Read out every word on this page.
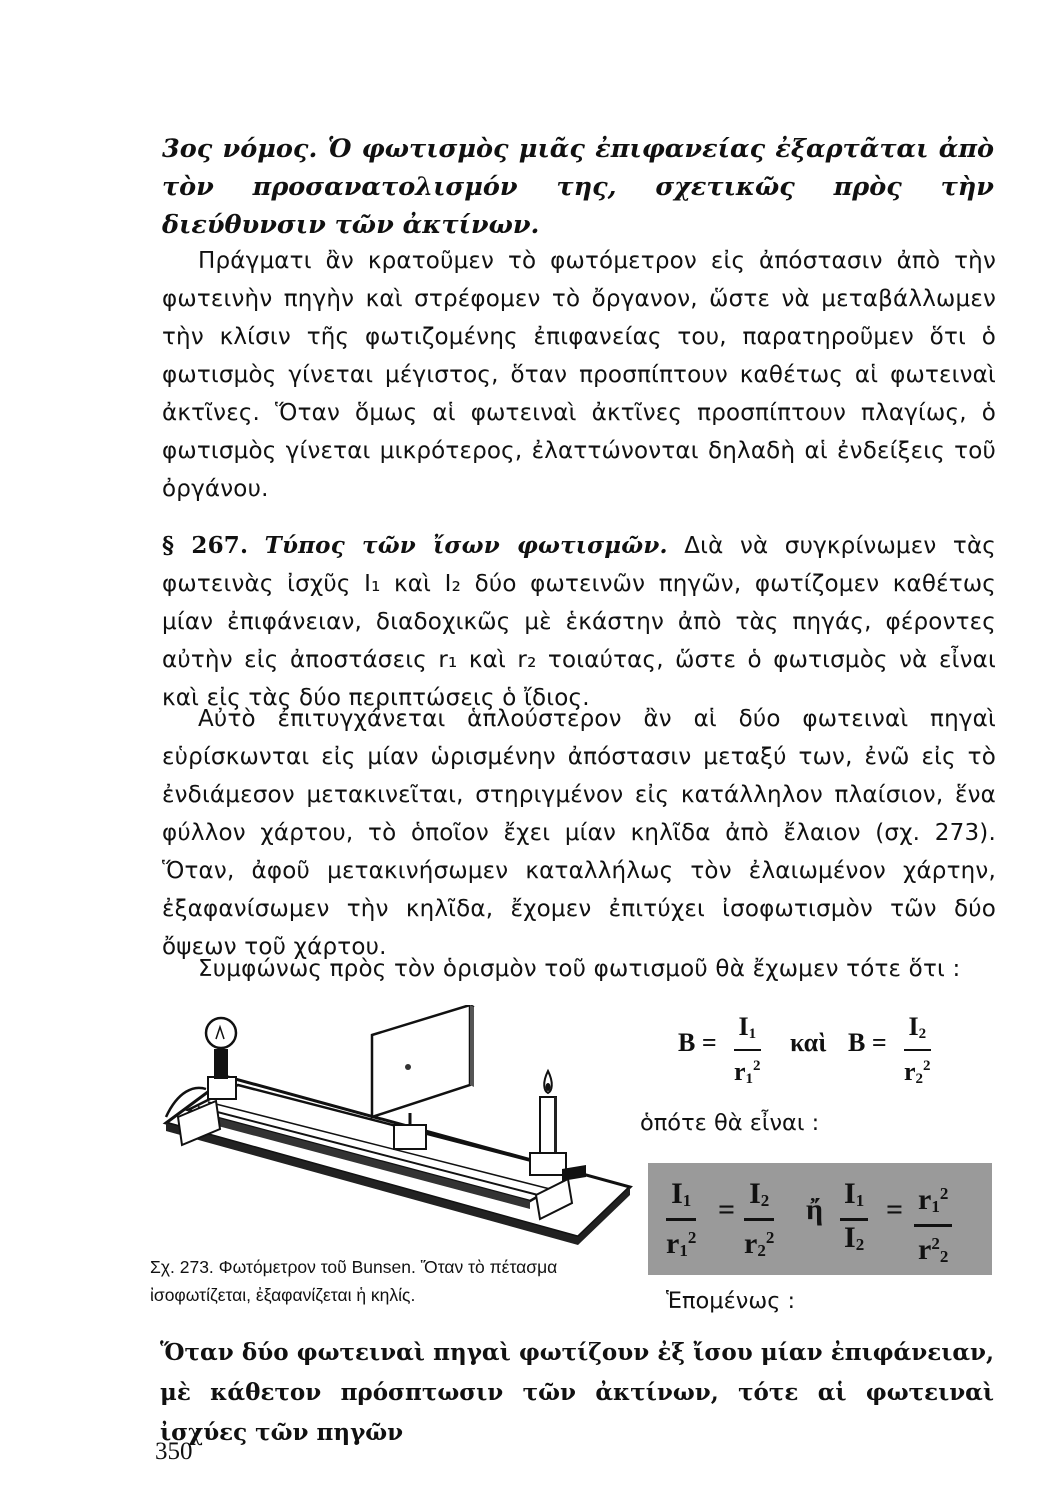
3ος νόμος. Ὁ φωτισμὸς μιᾶς ἐπιφανείας ἐξαρτᾶται ἀπὸ τὸν προσανατολισμόν της, σχετικῶς πρὸς τὴν διεύθυνσιν τῶν ἀκτίνων.

Πράγματι ἂν κρατοῦμεν τὸ φωτόμετρον εἰς ἀπόστασιν ἀπὸ τὴν φωτεινὴν πηγὴν καὶ στρέφομεν τὸ ὄργανον, ὥστε νὰ μεταβάλλωμεν τὴν κλίσιν τῆς φωτιζομένης ἐπιφανείας του, παρατηροῦμεν ὅτι ὁ φωτισμὸς γίνεται μέγιστος, ὅταν προσπίπτουν καθέτως αἱ φωτειναὶ ἀκτῖνες. Ὅταν ὅμως αἱ φωτειναὶ ἀκτῖνες προσπίπτουν πλαγίως, ὁ φωτισμὸς γίνεται μικρότερος, ἐλαττώνονται δηλαδὴ αἱ ἐνδείξεις τοῦ ὀργάνου.

§ 267. Τύπος τῶν ἴσων φωτισμῶν. Διὰ νὰ συγκρίνωμεν τὰς φωτεινὰς ἰσχῦς I₁ καὶ I₂ δύο φωτεινῶν πηγῶν, φωτίζομεν καθέτως μίαν ἐπιφάνειαν, διαδοχικῶς μὲ ἑκάστην ἀπὸ τὰς πηγάς, φέροντες αὐτὴν εἰς ἀποστάσεις r₁ καὶ r₂ τοιαύτας, ὥστε ὁ φωτισμὸς νὰ εἶναι καὶ εἰς τὰς δύο περιπτώσεις ὁ ἴδιος.

Αὐτὸ ἐπιτυγχάνεται ἁπλούστερον ἂν αἱ δύο φωτειναὶ πηγαὶ εὑρίσκωνται εἰς μίαν ὡρισμένην ἀπόστασιν μεταξύ των, ἐνῶ εἰς τὸ ἐνδιάμεσον μετακινεῖται, στηριγμένον εἰς κατάλληλον πλαίσιον, ἕνα φύλλον χάρτου, τὸ ὁποῖον ἔχει μίαν κηλῖδα ἀπὸ ἔλαιον (σχ. 273). Ὅταν, ἀφοῦ μετακινήσωμεν καταλλήλως τὸν ἐλαιωμένον χάρτην, ἐξαφανίσωμεν τὴν κηλῖδα, ἔχομεν ἐπιτύχει ἰσοφωτισμὸν τῶν δύο ὄψεων τοῦ χάρτου.

Συμφώνως πρὸς τὸν ὁρισμὸν τοῦ φωτισμοῦ θὰ ἔχωμεν τότε ὅτι :

Σχ. 273. Φωτόμετρον τοῦ Bunsen. Ὅταν τὸ πέτασμα ἰσοφωτίζεται, ἐξαφανίζεται ἡ κηλίς.
$B = \frac{I_1}{r_1^2}$ καὶ $B = \frac{I_2}{r_2^2}$
ὁπότε θὰ εἶναι :
$\frac{I_1}{r_1^2} = \frac{I_2}{r_2^2}$ ἤ $\frac{I_1}{I_2} = \frac{r_1^2}{r^2_2}$
Ἑπομένως :

Ὅταν δύο φωτειναὶ πηγαὶ φωτίζουν ἐξ ἴσου μίαν ἐπιφάνειαν, μὲ κάθετον πρόσπτωσιν τῶν ἀκτίνων, τότε αἱ φωτειναὶ ἰσχύες τῶν πηγῶν

350
